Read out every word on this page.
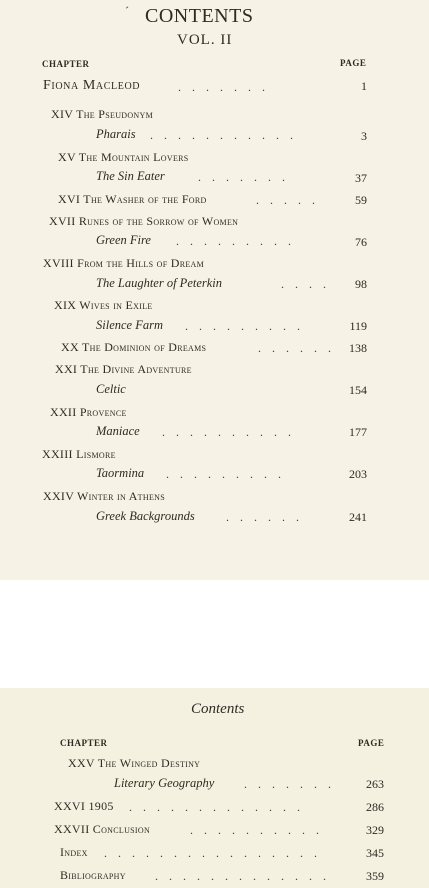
´ CONTENTS
VOL. II
CHAPTER	PAGE
Fiona Macleod	. . . . . . .	1
XIV The Pseudonym
Pharais . . . . . . . . . . .	3
XV The Mountain Lovers
The Sin Eater	. . . . . . .	37
XVI The Washer of the Ford	. . . . .	59
XVII Runes of the Sorrow of Women
Green Fire . . . . . . . . .	76
XVIII From the Hills of Dream
The Laughter of Peterkin	. . . . 98
XIX Wives in Exile
Silence Farm . . . . . . . . .	119
XX The Dominion of Dreams	. . . . . . 138
XXI The Divine Adventure
Celtic	154
XXII Provence
Maniace . . . . . . . . . .	177
XXIII Lismore
Taormina . . . . . . . . .	203
XXIV Winter in Athens
Greek Backgrounds	. . . . . .	241
Contents
CHAPTER	PAGE
XXV The Winged Destiny
Literary Geography . . . . . . .	263
XXVI 1905 . . . . . . . . . . . . .	286
XXVII Conclusion	. . . . . . . . . .	329
Index . . . . . . . . . . . . . . . .	345
Bibliography . . . . . . . . . . . . .	359
